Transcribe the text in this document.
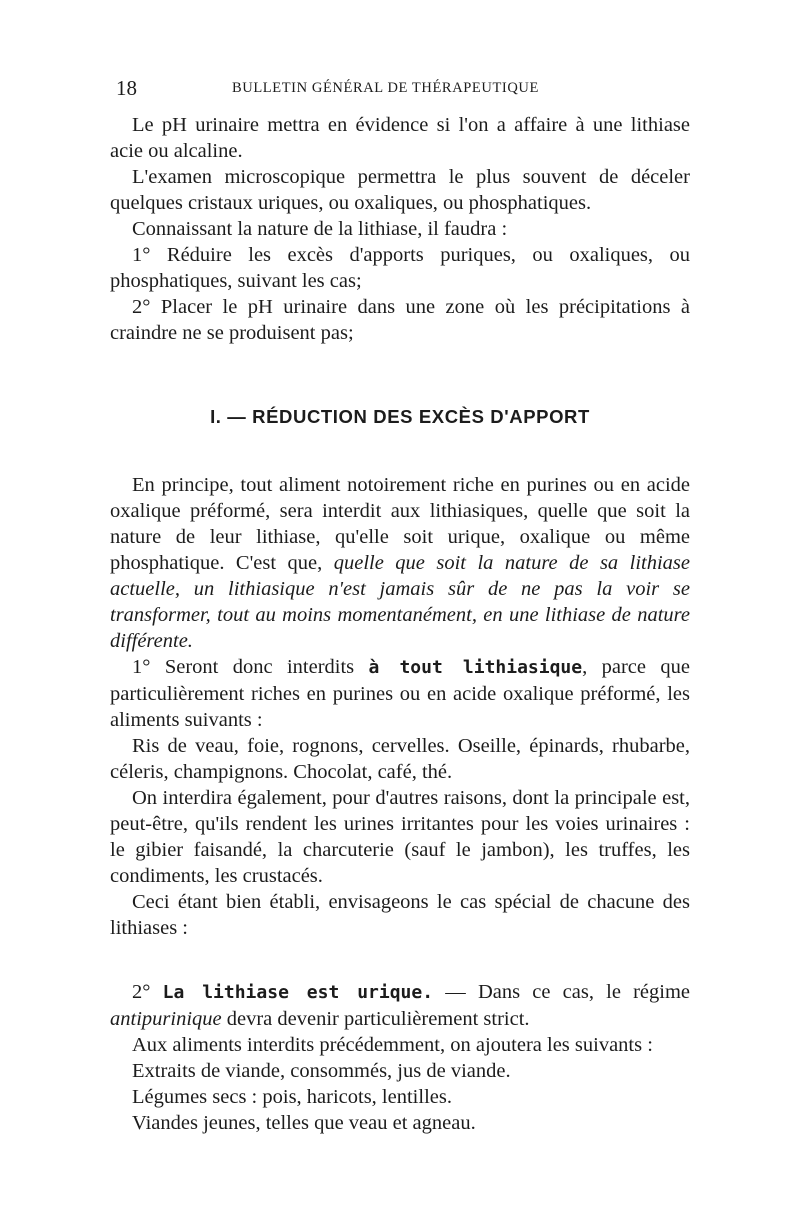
18	BULLETIN GÉNÉRAL DE THÉRAPEUTIQUE

Le pH urinaire mettra en évidence si l'on a affaire à une lithiase acie ou alcaline.

L'examen microscopique permettra le plus souvent de déceler quelques cristaux uriques, ou oxaliques, ou phosphatiques.

Connaissant la nature de la lithiase, il faudra :

1° Réduire les excès d'apports puriques, ou oxaliques, ou phosphatiques, suivant les cas;

2° Placer le pH urinaire dans une zone où les précipitations à craindre ne se produisent pas;

I. — RÉDUCTION DES EXCÈS D'APPORT

En principe, tout aliment notoirement riche en purines ou en acide oxalique préformé, sera interdit aux lithiasiques, quelle que soit la nature de leur lithiase, qu'elle soit urique, oxalique ou même phosphatique. C'est que, quelle que soit la nature de sa lithiase actuelle, un lithiasique n'est jamais sûr de ne pas la voir se transformer, tout au moins momentanément, en une lithiase de nature différente.

1° Seront donc interdits à tout lithiasique, parce que particulièrement riches en purines ou en acide oxalique préformé, les aliments suivants :

Ris de veau, foie, rognons, cervelles. Oseille, épinards, rhubarbe, céleris, champignons. Chocolat, café, thé.

On interdira également, pour d'autres raisons, dont la principale est, peut-être, qu'ils rendent les urines irritantes pour les voies urinaires : le gibier faisandé, la charcuterie (sauf le jambon), les truffes, les condiments, les crustacés.

Ceci étant bien établi, envisageons le cas spécial de chacune des lithiases :

2° La lithiase est urique. — Dans ce cas, le régime antipurinique devra devenir particulièrement strict.

Aux aliments interdits précédemment, on ajoutera les suivants :

Extraits de viande, consommés, jus de viande.

Légumes secs : pois, haricots, lentilles.

Viandes jeunes, telles que veau et agneau.
